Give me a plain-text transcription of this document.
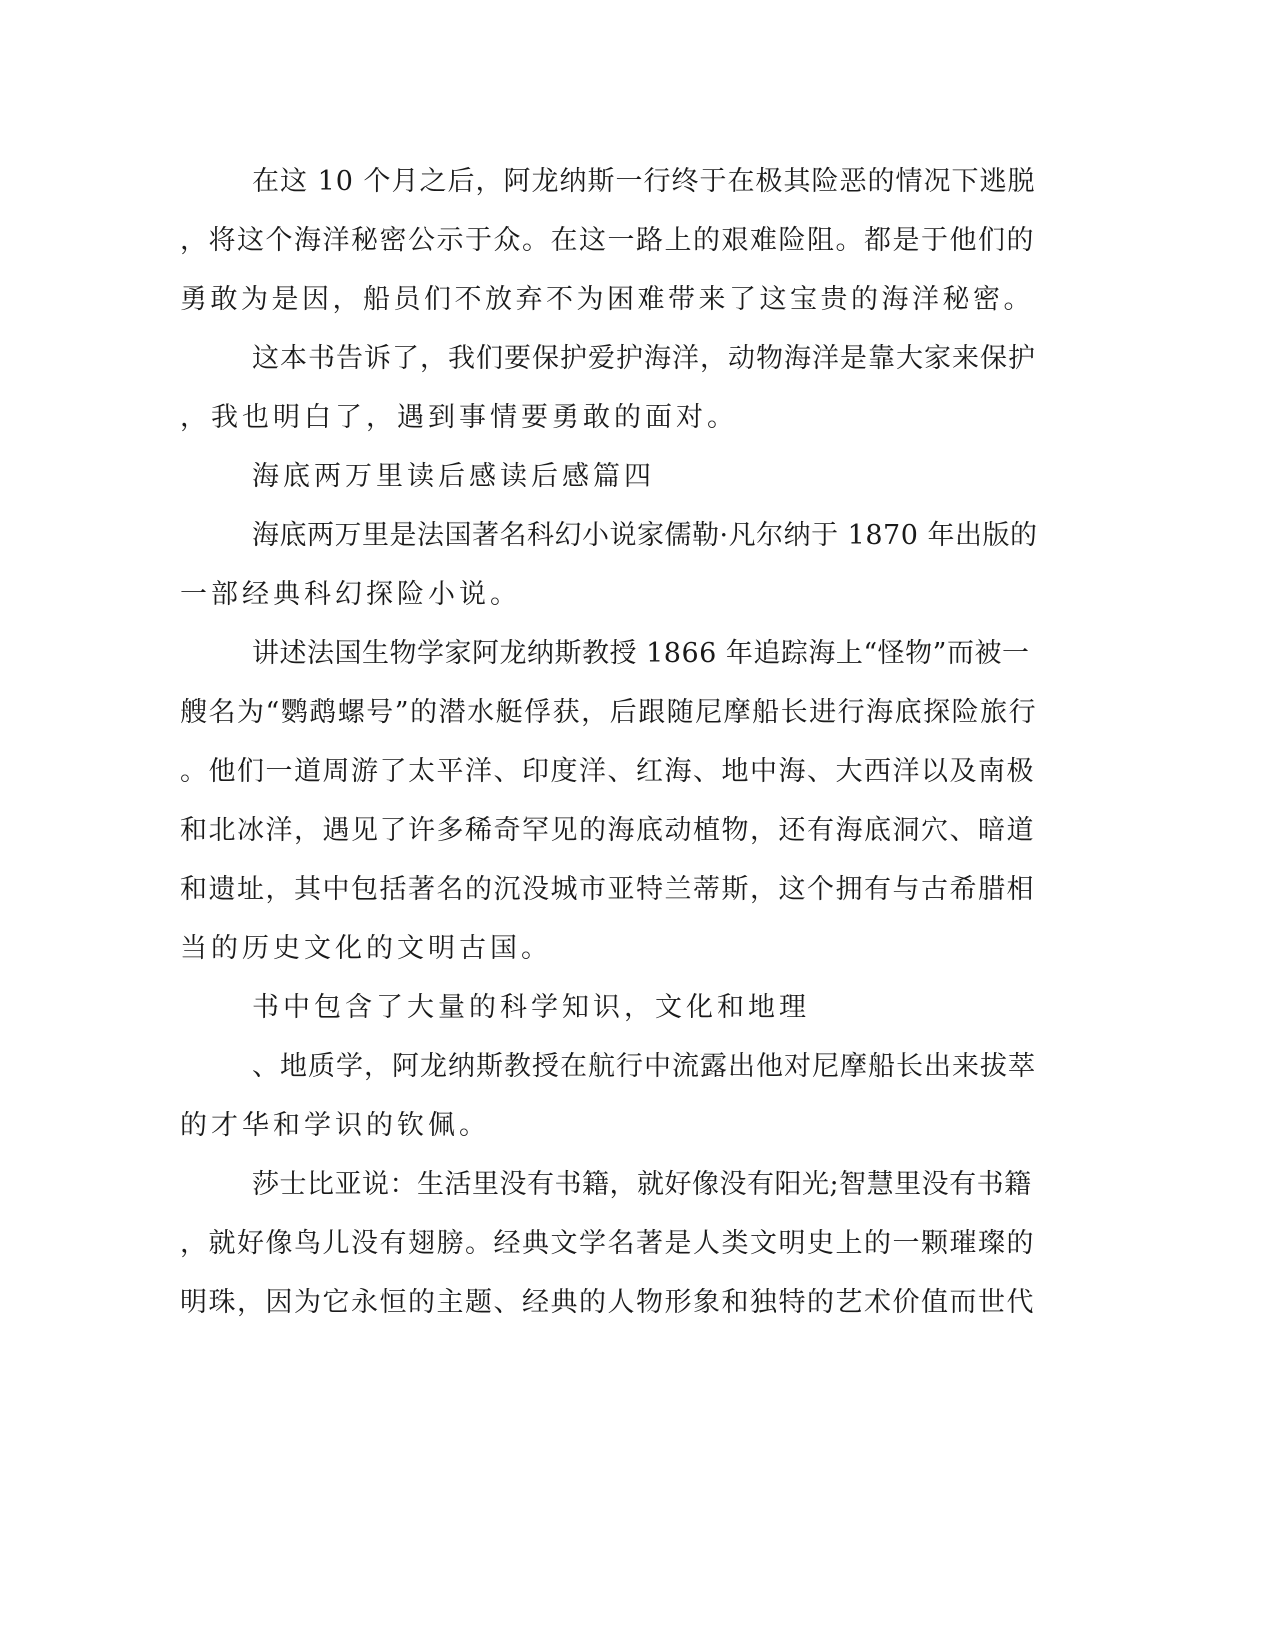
在这 10 个月之后，阿龙纳斯一行终于在极其险恶的情况下逃脱
，将这个海洋秘密公示于众。在这一路上的艰难险阻。都是于他们的
勇敢为是因，船员们不放弃不为困难带来了这宝贵的海洋秘密。
这本书告诉了，我们要保护爱护海洋，动物海洋是靠大家来保护
，我也明白了，遇到事情要勇敢的面对。
海底两万里读后感读后感篇四
海底两万里是法国著名科幻小说家儒勒·凡尔纳于 1870 年出版的
一部经典科幻探险小说。
讲述法国生物学家阿龙纳斯教授 1866 年追踪海上“怪物”而被一
艘名为“鹦鹉螺号”的潜水艇俘获，后跟随尼摩船长进行海底探险旅行
。他们一道周游了太平洋、印度洋、红海、地中海、大西洋以及南极
和北冰洋，遇见了许多稀奇罕见的海底动植物，还有海底洞穴、暗道
和遗址，其中包括著名的沉没城市亚特兰蒂斯，这个拥有与古希腊相
当的历史文化的文明古国。
书中包含了大量的科学知识，文化和地理
、地质学，阿龙纳斯教授在航行中流露出他对尼摩船长出来拔萃
的才华和学识的钦佩。
莎士比亚说：生活里没有书籍，就好像没有阳光;智慧里没有书籍
，就好像鸟儿没有翅膀。经典文学名著是人类文明史上的一颗璀璨的
明珠，因为它永恒的主题、经典的人物形象和独特的艺术价值而世代
